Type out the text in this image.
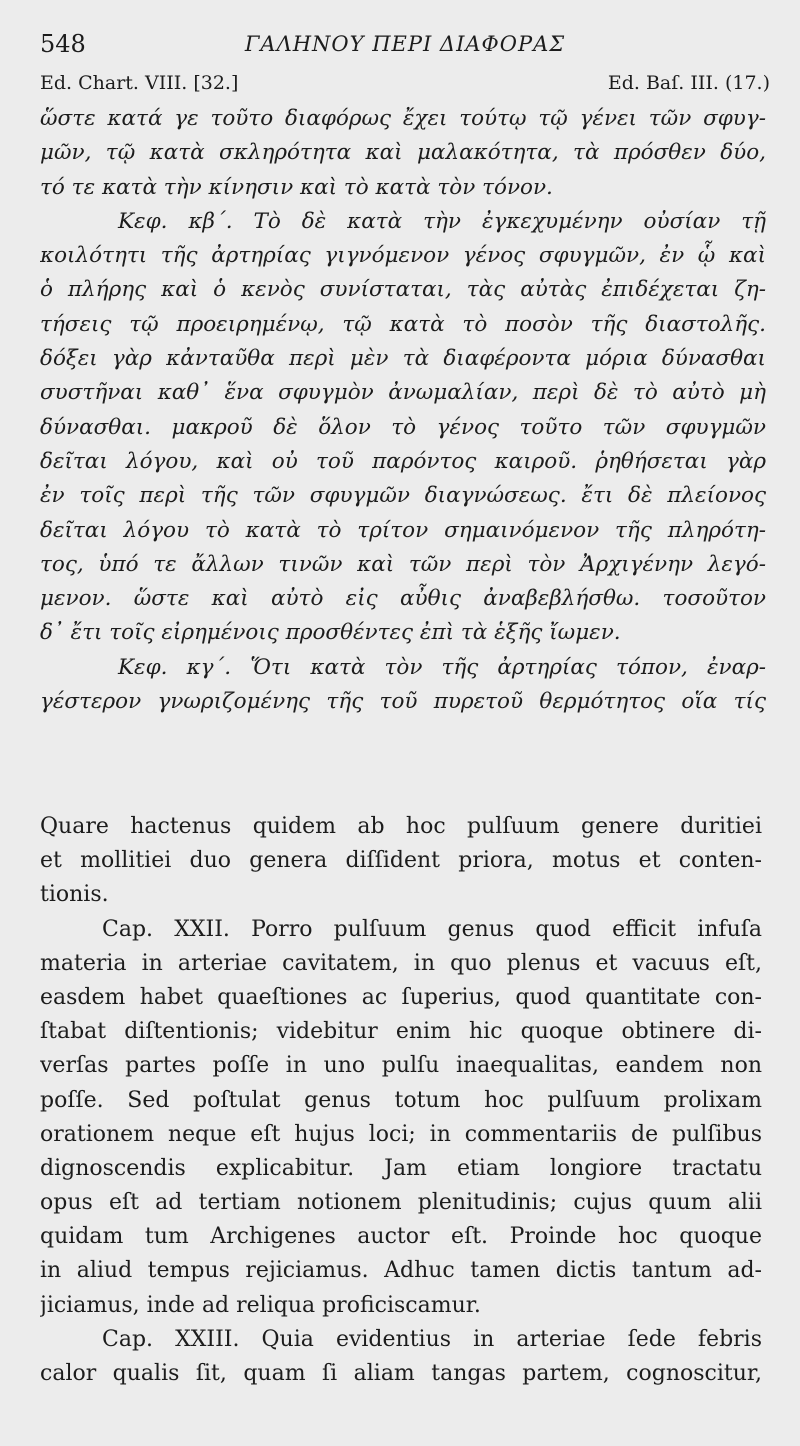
548	ΓΑΛΗΝΟΥ ΠΕΡΙ ΔΙΑΦΟΡΑΣ
Ed. Chart. VIII. [32.]	Ed. Baſ. III. (17.)
ὥστε κατά γε τοῦτο διαφόρως ἔχει τούτῳ τῷ γένει τῶν σφυγ-
μῶν, τῷ κατὰ σκληρότητα καὶ μαλακότητα, τὰ πρόσθεν δύο,
τό τε κατὰ τὴν κίνησιν καὶ τὸ κατὰ τὸν τόνον.
Κεφ. κβ΄. Τὸ δὲ κατὰ τὴν ἐγκεχυμένην οὐσίαν τῇ
κοιλότητι τῆς ἀρτηρίας γιγνόμενον γένος σφυγμῶν, ἐν ᾧ καὶ
ὁ πλήρης καὶ ὁ κενὸς συνίσταται, τὰς αὐτὰς ἐπιδέχεται ζη-
τήσεις τῷ προειρημένῳ, τῷ κατὰ τὸ ποσὸν τῆς διαστολῆς.
δόξει γὰρ κἀνταῦθα περὶ μὲν τὰ διαφέροντα μόρια δύνασθαι
συστῆναι καθ᾿ ἕνα σφυγμὸν ἀνωμαλίαν, περὶ δὲ τὸ αὐτὸ μὴ
δύνασθαι. μακροῦ δὲ ὅλον τὸ γένος τοῦτο τῶν σφυγμῶν
δεῖται λόγου, καὶ οὐ τοῦ παρόντος καιροῦ. ῥηθήσεται γὰρ
ἐν τοῖς περὶ τῆς τῶν σφυγμῶν διαγνώσεως. ἔτι δὲ πλείονος
δεῖται λόγου τὸ κατὰ τὸ τρίτον σημαινόμενον τῆς πληρότη-
τος, ὑπό τε ἄλλων τινῶν καὶ τῶν περὶ τὸν Ἀρχιγένην λεγό-
μενον. ὥστε καὶ αὐτὸ εἰς αὖθις ἀναβεβλήσθω. τοσοῦτον
δ᾿ ἔτι τοῖς εἰρημένοις προσθέντες ἐπὶ τὰ ἑξῆς ἴωμεν.
Κεφ. κγ΄. Ὅτι κατὰ τὸν τῆς ἀρτηρίας τόπον, ἐναρ-
γέστερον γνωριζομένης τῆς τοῦ πυρετοῦ θερμότητος οἵα τίς
Quare hactenus quidem ab hoc pulſuum genere duritiei
et mollitiei duo genera diſſident priora, motus et conten-
tionis.
Cap. XXII. Porro pulſuum genus quod efficit infuſa
materia in arteriae cavitatem, in quo plenus et vacuus eſt,
easdem habet quaeſtiones ac ſuperius, quod quantitate con-
ſtabat diſtentionis; videbitur enim hic quoque obtinere di-
verſas partes poſſe in uno pulſu inaequalitas, eandem non
poſſe. Sed poſtulat genus totum hoc pulſuum prolixam
orationem neque eſt hujus loci; in commentariis de pulſibus
dignoscendis explicabitur. Jam etiam longiore tractatu
opus eſt ad tertiam notionem plenitudinis; cujus quum alii
quidam tum Archigenes auctor eſt. Proinde hoc quoque
in aliud tempus rejiciamus. Adhuc tamen dictis tantum ad-
jiciamus, inde ad reliqua proficiscamur.
Cap. XXIII. Quia evidentius in arteriae ſede febris
calor qualis ſit, quam ſi aliam tangas partem, cognoscitur,
